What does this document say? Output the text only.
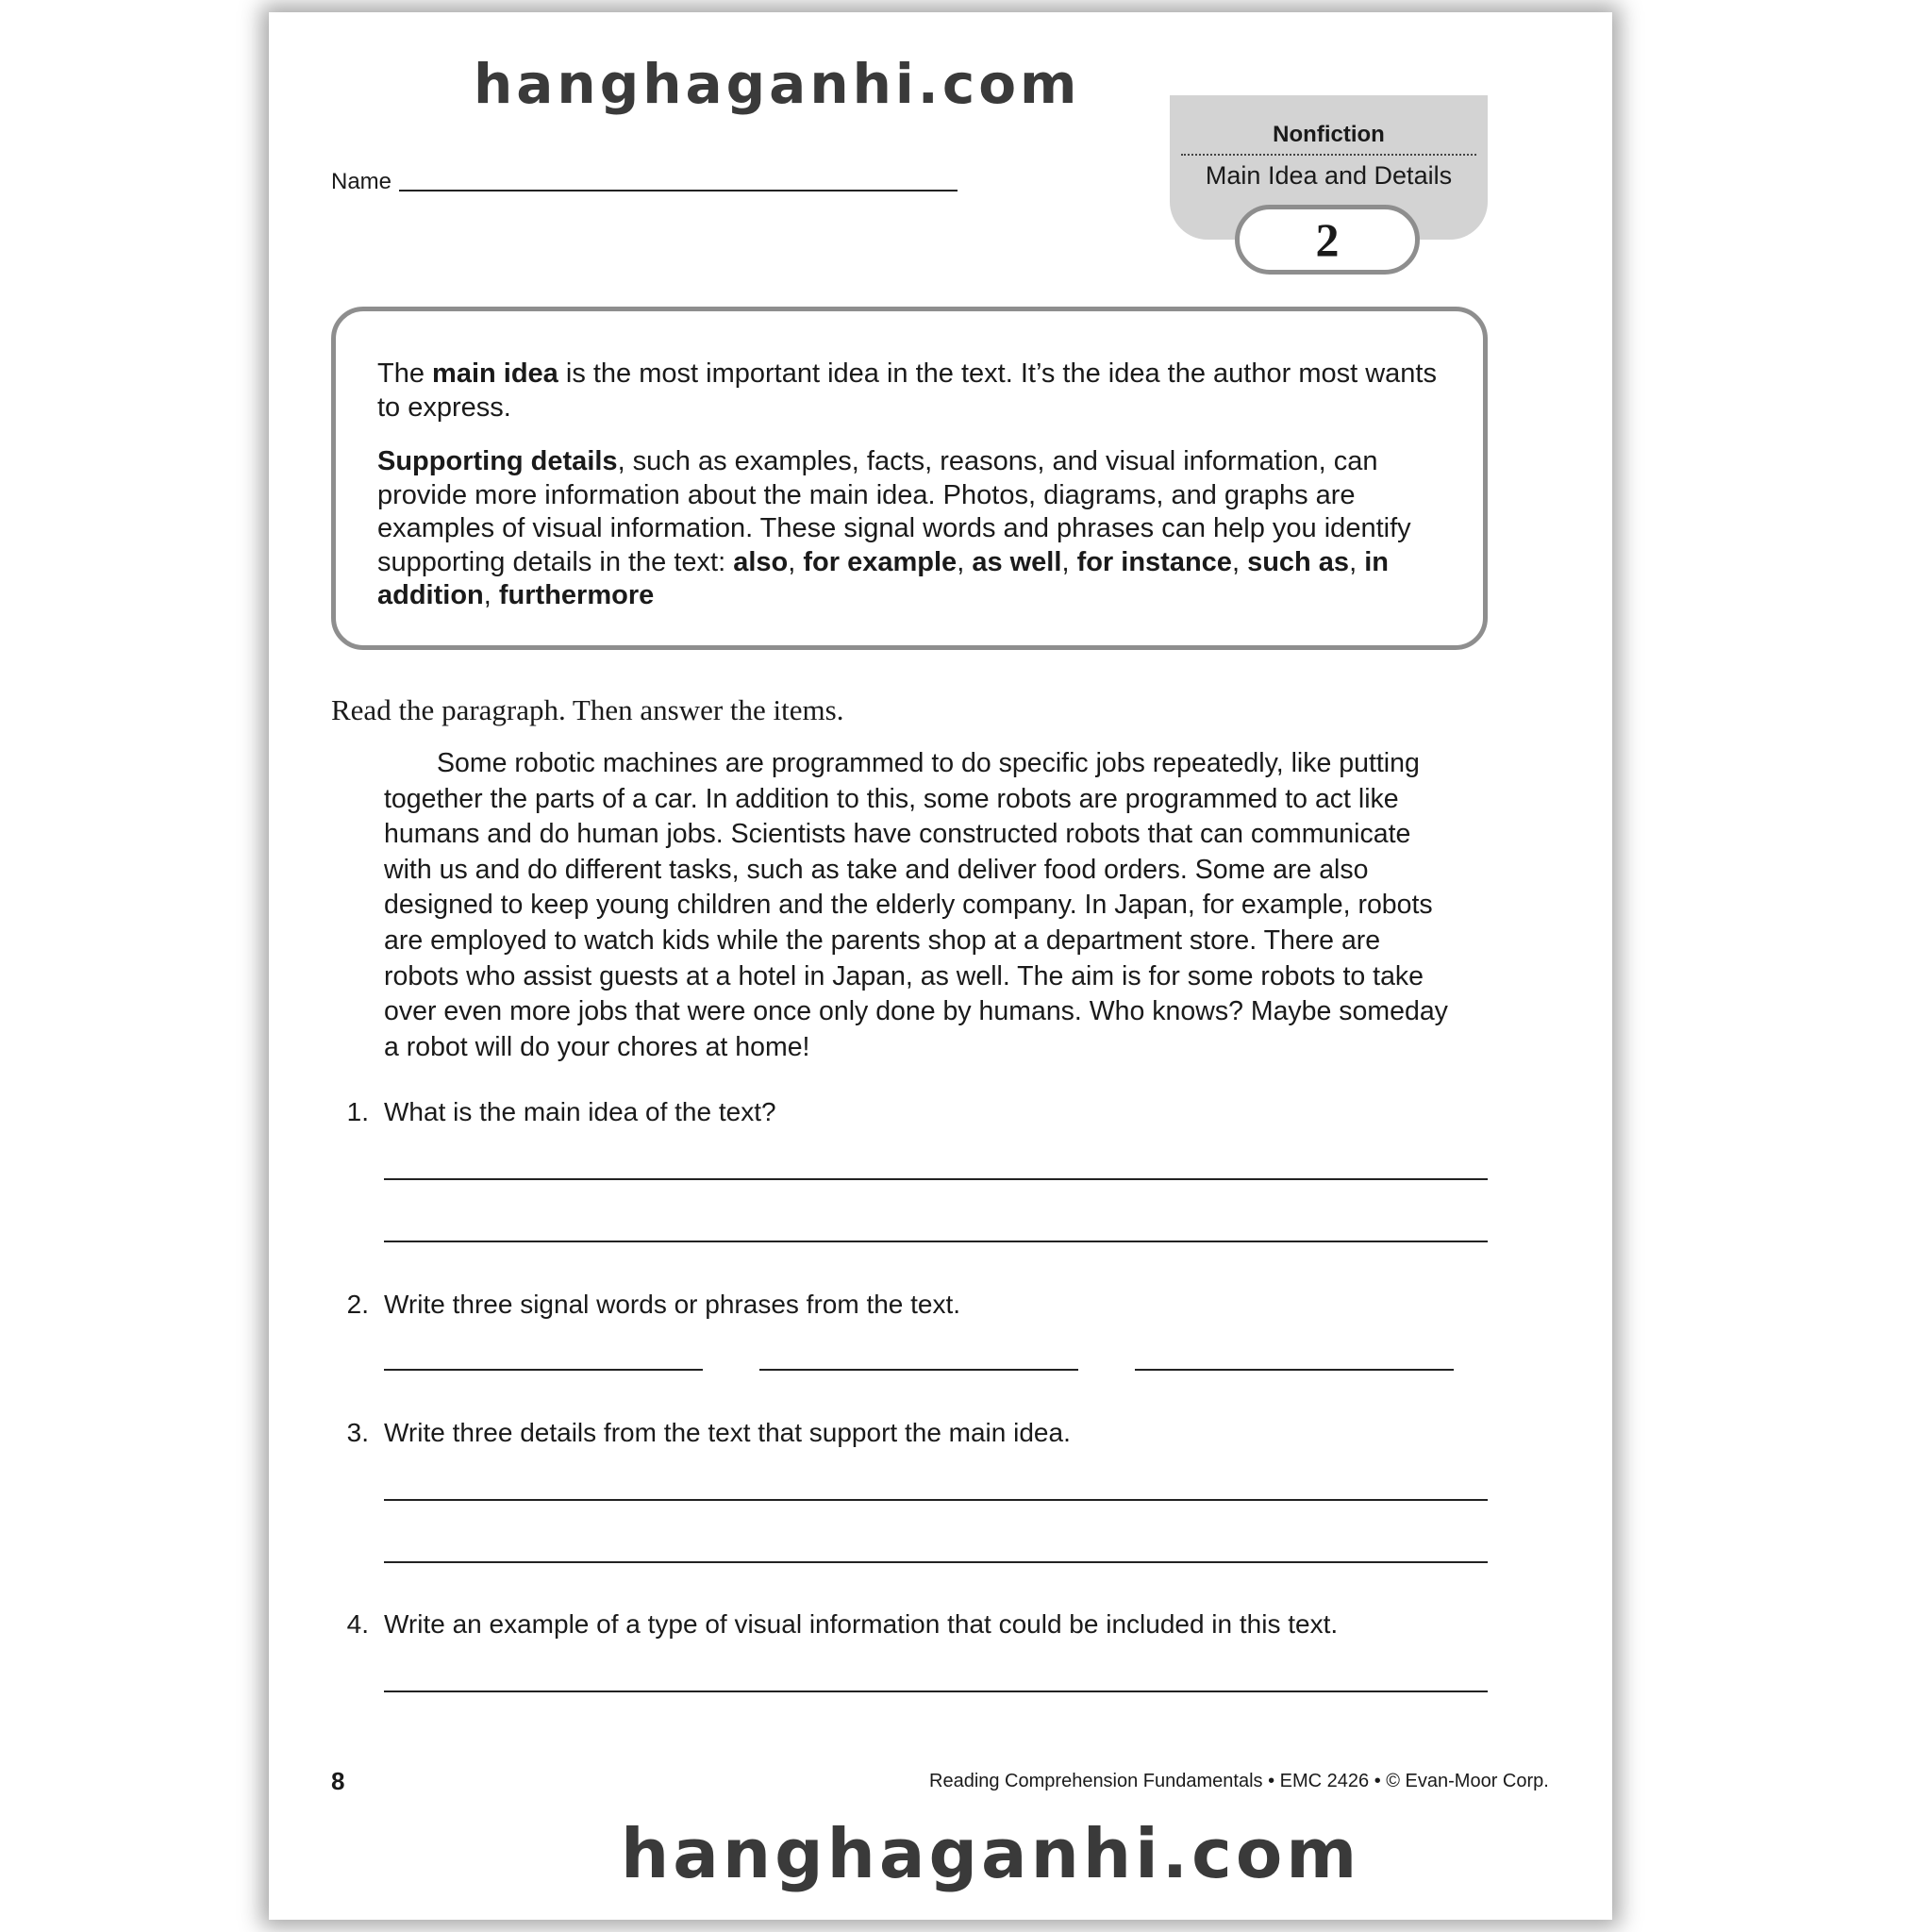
hanghaganhi.com
Name
Nonfiction
Main Idea and Details
2
The main idea is the most important idea in the text. It’s the idea the author most wants to express.
Supporting details, such as examples, facts, reasons, and visual information, can provide more information about the main idea. Photos, diagrams, and graphs are examples of visual information. These signal words and phrases can help you identify supporting details in the text: also, for example, as well, for instance, such as, in addition, furthermore
Read the paragraph. Then answer the items.
Some robotic machines are programmed to do specific jobs repeatedly, like putting together the parts of a car. In addition to this, some robots are programmed to act like humans and do human jobs. Scientists have constructed robots that can communicate with us and do different tasks, such as take and deliver food orders. Some are also designed to keep young children and the elderly company. In Japan, for example, robots are employed to watch kids while the parents shop at a department store. There are robots who assist guests at a hotel in Japan, as well. The aim is for some robots to take over even more jobs that were once only done by humans. Who knows? Maybe someday a robot will do your chores at home!
1. What is the main idea of the text?
2. Write three signal words or phrases from the text.
3. Write three details from the text that support the main idea.
4. Write an example of a type of visual information that could be included in this text.
8	Reading Comprehension Fundamentals • EMC 2426 • © Evan-Moor Corp.
hanghaganhi.com
